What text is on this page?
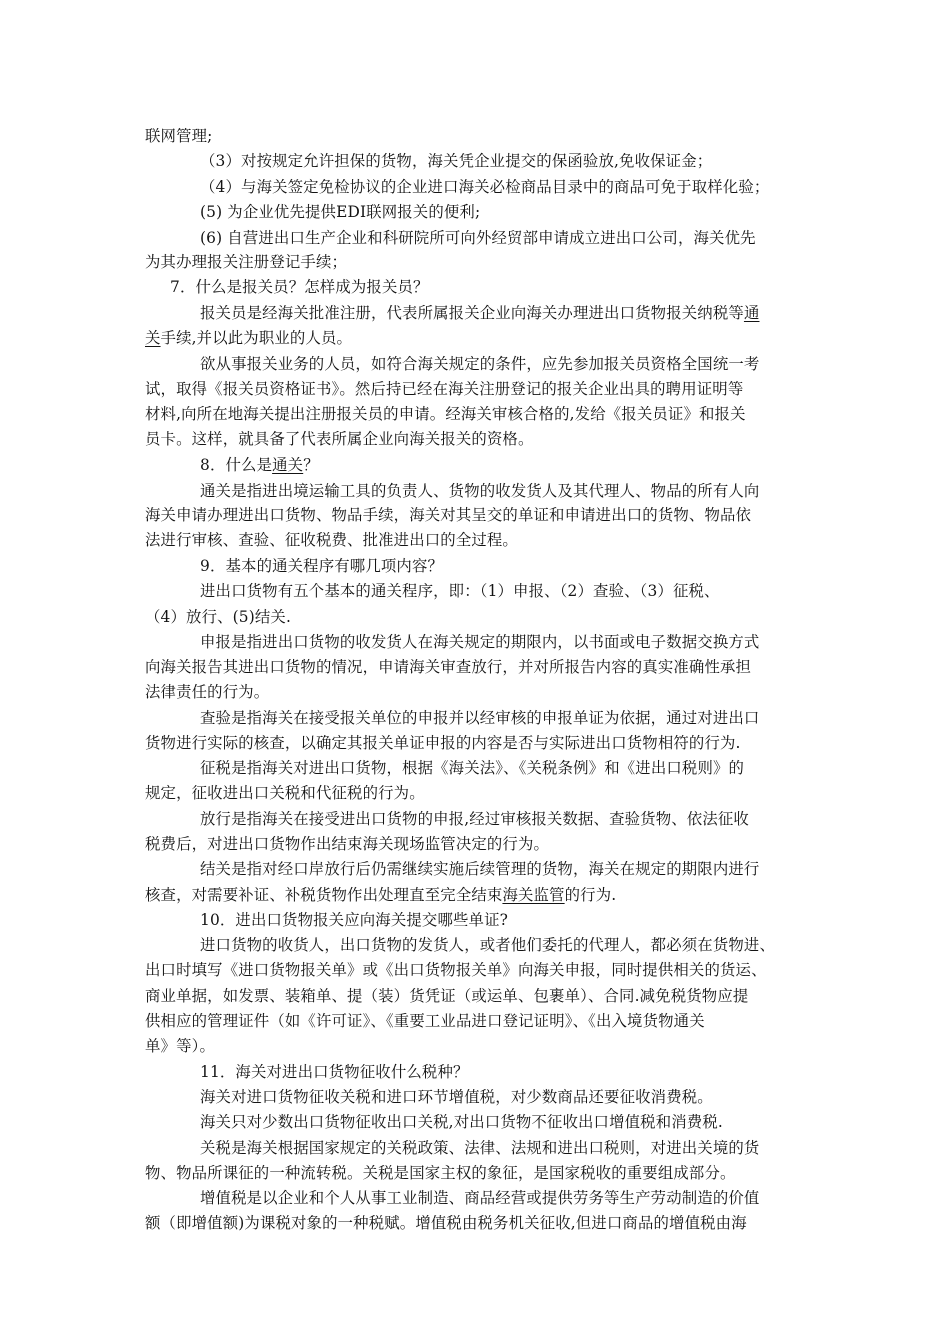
联网管理;
（3）对按规定允许担保的货物，海关凭企业提交的保函验放,免收保证金；
（4）与海关签定免检协议的企业进口海关必检商品目录中的商品可免于取样化验；
(5) 为企业优先提供EDI联网报关的便利;
(6) 自营进出口生产企业和科研院所可向外经贸部申请成立进出口公司，海关优先
为其办理报关注册登记手续；
7．什么是报关员？怎样成为报关员？
报关员是经海关批准注册，代表所属报关企业向海关办理进出口货物报关纳税等通
关手续,并以此为职业的人员。
欲从事报关业务的人员，如符合海关规定的条件，应先参加报关员资格全国统一考
试，取得《报关员资格证书》。然后持已经在海关注册登记的报关企业出具的聘用证明等
材料,向所在地海关提出注册报关员的申请。经海关审核合格的,发给《报关员证》和报关
员卡。这样，就具备了代表所属企业向海关报关的资格。
8．什么是通关？
通关是指进出境运输工具的负责人、货物的收发货人及其代理人、物品的所有人向
海关申请办理进出口货物、物品手续，海关对其呈交的单证和申请进出口的货物、物品依
法进行审核、查验、征收税费、批准进出口的全过程。
9．基本的通关程序有哪几项内容？
进出口货物有五个基本的通关程序，即：（1）申报、（2）查验、（3）征税、
（4）放行、(5)结关.
申报是指进出口货物的收发货人在海关规定的期限内，以书面或电子数据交换方式
向海关报告其进出口货物的情况，申请海关审查放行，并对所报告内容的真实准确性承担
法律责任的行为。
查验是指海关在接受报关单位的申报并以经审核的申报单证为依据，通过对进出口
货物进行实际的核查，以确定其报关单证申报的内容是否与实际进出口货物相符的行为.
征税是指海关对进出口货物，根据《海关法》、《关税条例》和《进出口税则》的
规定，征收进出口关税和代征税的行为。
放行是指海关在接受进出口货物的申报,经过审核报关数据、查验货物、依法征收
税费后，对进出口货物作出结束海关现场监管决定的行为。
结关是指对经口岸放行后仍需继续实施后续管理的货物，海关在规定的期限内进行
核查，对需要补证、补税货物作出处理直至完全结束海关监管的行为.
10．进出口货物报关应向海关提交哪些单证?
进口货物的收货人，出口货物的发货人，或者他们委托的代理人，都必须在货物进、
出口时填写《进口货物报关单》或《出口货物报关单》向海关申报，同时提供相关的货运、
商业单据，如发票、装箱单、提（装）货凭证（或运单、包裹单）、合同.减免税货物应提
供相应的管理证件（如《许可证》、《重要工业品进口登记证明》、《出入境货物通关
单》等）。
11．海关对进出口货物征收什么税种？
海关对进口货物征收关税和进口环节增值税，对少数商品还要征收消费税。
海关只对少数出口货物征收出口关税,对出口货物不征收出口增值税和消费税.
关税是海关根据国家规定的关税政策、法律、法规和进出口税则，对进出关境的货
物、物品所课征的一种流转税。关税是国家主权的象征，是国家税收的重要组成部分。
增值税是以企业和个人从事工业制造、商品经营或提供劳务等生产劳动制造的价值
额（即增值额)为课税对象的一种税赋。增值税由税务机关征收,但进口商品的增值税由海
